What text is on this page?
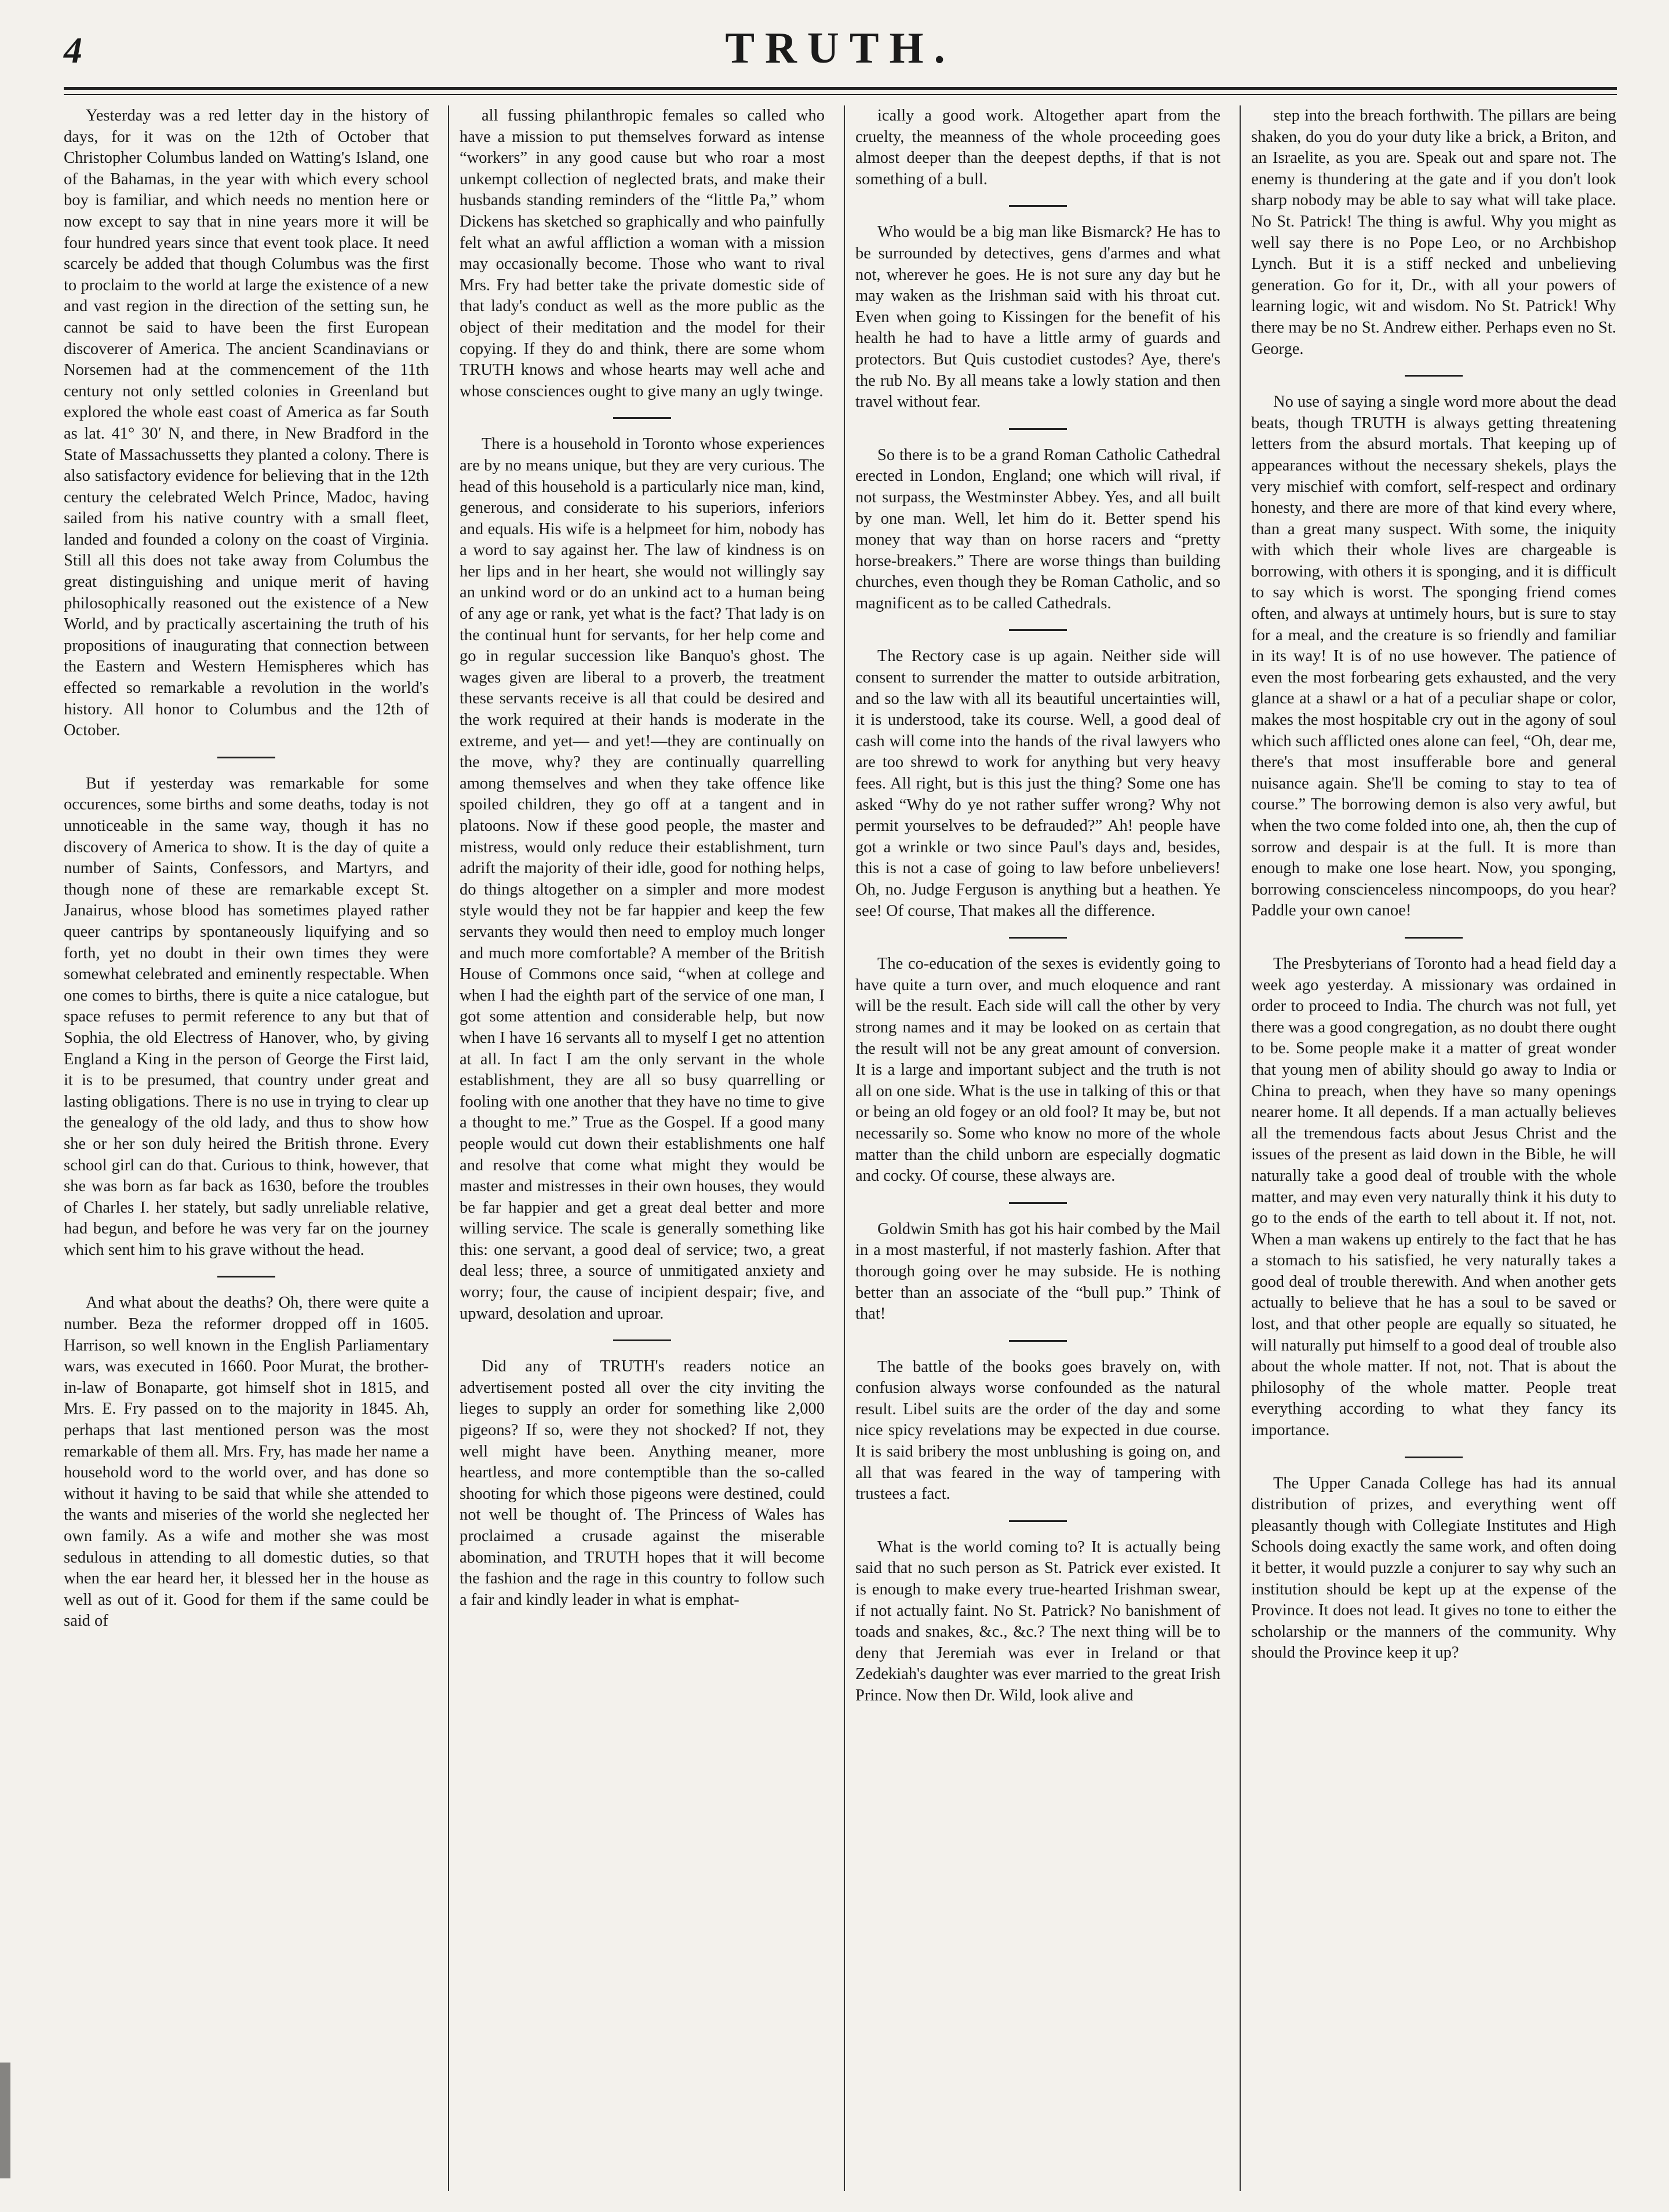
4	TRUTH.

Yesterday was a red letter day in the history of days, for it was on the 12th of October that Christopher Columbus landed on Watting's Island, one of the Bahamas, in the year with which every school boy is familiar, and which needs no mention here or now except to say that in nine years more it will be four hundred years since that event took place. It need scarcely be added that though Columbus was the first to proclaim to the world at large the existence of a new and vast region in the direction of the setting sun, he cannot be said to have been the first European discoverer of America. The ancient Scandinavians or Norsemen had at the commencement of the 11th century not only settled colonies in Greenland but explored the whole east coast of America as far South as lat. 41° 30′ N, and there, in New Bradford in the State of Massachussetts they planted a colony. There is also satisfactory evidence for believing that in the 12th century the celebrated Welch Prince, Madoc, having sailed from his native country with a small fleet, landed and founded a colony on the coast of Virginia. Still all this does not take away from Columbus the great distinguishing and unique merit of having philosophically reasoned out the existence of a New World, and by practically ascertaining the truth of his propositions of inaugurating that connection between the Eastern and Western Hemispheres which has effected so remarkable a revolution in the world's history. All honor to Columbus and the 12th of October.

But if yesterday was remarkable for some occurences, some births and some deaths, today is not unnoticeable in the same way, though it has no discovery of America to show. It is the day of quite a number of Saints, Confessors, and Martyrs, and though none of these are remarkable except St. Janairus, whose blood has sometimes played rather queer cantrips by spontaneously liquifying and so forth, yet no doubt in their own times they were somewhat celebrated and eminently respectable. When one comes to births, there is quite a nice catalogue, but space refuses to permit reference to any but that of Sophia, the old Electress of Hanover, who, by giving England a King in the person of George the First laid, it is to be presumed, that country under great and lasting obligations. There is no use in trying to clear up the genealogy of the old lady, and thus to show how she or her son duly heired the British throne. Every school girl can do that. Curious to think, however, that she was born as far back as 1630, before the troubles of Charles I. her stately, but sadly unreliable relative, had begun, and before he was very far on the journey which sent him to his grave without the head.

And what about the deaths? Oh, there were quite a number. Beza the reformer dropped off in 1605. Harrison, so well known in the English Parliamentary wars, was executed in 1660. Poor Murat, the brother-in-law of Bonaparte, got himself shot in 1815, and Mrs. E. Fry passed on to the majority in 1845. Ah, perhaps that last mentioned person was the most remarkable of them all. Mrs. Fry, has made her name a household word to the world over, and has done so without it having to be said that while she attended to the wants and miseries of the world she neglected her own family. As a wife and mother she was most sedulous in attending to all domestic duties, so that when the ear heard her, it blessed her in the house as well as out of it. Good for them if the same could be said of

all fussing philanthropic females so called who have a mission to put themselves forward as intense “workers” in any good cause but who roar a most unkempt collection of neglected brats, and make their husbands standing reminders of the “little Pa,” whom Dickens has sketched so graphically and who painfully felt what an awful affliction a woman with a mission may occasionally become. Those who want to rival Mrs. Fry had better take the private domestic side of that lady's conduct as well as the more public as the object of their meditation and the model for their copying. If they do and think, there are some whom TRUTH knows and whose hearts may well ache and whose consciences ought to give many an ugly twinge.

There is a household in Toronto whose experiences are by no means unique, but they are very curious. The head of this household is a particularly nice man, kind, generous, and considerate to his superiors, inferiors and equals. His wife is a helpmeet for him, nobody has a word to say against her. The law of kindness is on her lips and in her heart, she would not willingly say an unkind word or do an unkind act to a human being of any age or rank, yet what is the fact? That lady is on the continual hunt for servants, for her help come and go in regular succession like Banquo's ghost. The wages given are liberal to a proverb, the treatment these servants receive is all that could be desired and the work required at their hands is moderate in the extreme, and yet— and yet!—they are continually on the move, why? they are continually quarrelling among themselves and when they take offence like spoiled children, they go off at a tangent and in platoons. Now if these good people, the master and mistress, would only reduce their establishment, turn adrift the majority of their idle, good for nothing helps, do things altogether on a simpler and more modest style would they not be far happier and keep the few servants they would then need to employ much longer and much more comfortable? A member of the British House of Commons once said, “when at college and when I had the eighth part of the service of one man, I got some attention and considerable help, but now when I have 16 servants all to myself I get no attention at all. In fact I am the only servant in the whole establishment, they are all so busy quarrelling or fooling with one another that they have no time to give a thought to me.” True as the Gospel. If a good many people would cut down their establishments one half and resolve that come what might they would be master and mistresses in their own houses, they would be far happier and get a great deal better and more willing service. The scale is generally something like this: one servant, a good deal of service; two, a great deal less; three, a source of unmitigated anxiety and worry; four, the cause of incipient despair; five, and upward, desolation and uproar.

Did any of TRUTH's readers notice an advertisement posted all over the city inviting the lieges to supply an order for something like 2,000 pigeons? If so, were they not shocked? If not, they well might have been. Anything meaner, more heartless, and more contemptible than the so-called shooting for which those pigeons were destined, could not well be thought of. The Princess of Wales has proclaimed a crusade against the miserable abomination, and TRUTH hopes that it will become the fashion and the rage in this country to follow such a fair and kindly leader in what is emphat-

ically a good work. Altogether apart from the cruelty, the meanness of the whole proceeding goes almost deeper than the deepest depths, if that is not something of a bull.

Who would be a big man like Bismarck? He has to be surrounded by detectives, gens d'armes and what not, wherever he goes. He is not sure any day but he may waken as the Irishman said with his throat cut. Even when going to Kissingen for the benefit of his health he had to have a little army of guards and protectors. But Quis custodiet custodes? Aye, there's the rub No. By all means take a lowly station and then travel without fear.

So there is to be a grand Roman Catholic Cathedral erected in London, England; one which will rival, if not surpass, the Westminster Abbey. Yes, and all built by one man. Well, let him do it. Better spend his money that way than on horse racers and “pretty horse-breakers.” There are worse things than building churches, even though they be Roman Catholic, and so magnificent as to be called Cathedrals.

The Rectory case is up again. Neither side will consent to surrender the matter to outside arbitration, and so the law with all its beautiful uncertainties will, it is understood, take its course. Well, a good deal of cash will come into the hands of the rival lawyers who are too shrewd to work for anything but very heavy fees. All right, but is this just the thing? Some one has asked “Why do ye not rather suffer wrong? Why not permit yourselves to be defrauded?” Ah! people have got a wrinkle or two since Paul's days and, besides, this is not a case of going to law before unbelievers! Oh, no. Judge Ferguson is anything but a heathen. Ye see! Of course, That makes all the difference.

The co-education of the sexes is evidently going to have quite a turn over, and much eloquence and rant will be the result. Each side will call the other by very strong names and it may be looked on as certain that the result will not be any great amount of conversion. It is a large and important subject and the truth is not all on one side. What is the use in talking of this or that or being an old fogey or an old fool? It may be, but not necessarily so. Some who know no more of the whole matter than the child unborn are especially dogmatic and cocky. Of course, these always are.

Goldwin Smith has got his hair combed by the Mail in a most masterful, if not masterly fashion. After that thorough going over he may subside. He is nothing better than an associate of the “bull pup.” Think of that!

The battle of the books goes bravely on, with confusion always worse confounded as the natural result. Libel suits are the order of the day and some nice spicy revelations may be expected in due course. It is said bribery the most unblushing is going on, and all that was feared in the way of tampering with trustees a fact.

What is the world coming to? It is actually being said that no such person as St. Patrick ever existed. It is enough to make every true-hearted Irishman swear, if not actually faint. No St. Patrick? No banishment of toads and snakes, &c., &c.? The next thing will be to deny that Jeremiah was ever in Ireland or that Zedekiah's daughter was ever married to the great Irish Prince. Now then Dr. Wild, look alive and

step into the breach forthwith. The pillars are being shaken, do you do your duty like a brick, a Briton, and an Israelite, as you are. Speak out and spare not. The enemy is thundering at the gate and if you don't look sharp nobody may be able to say what will take place. No St. Patrick! The thing is awful. Why you might as well say there is no Pope Leo, or no Archbishop Lynch. But it is a stiff necked and unbelieving generation. Go for it, Dr., with all your powers of learning logic, wit and wisdom. No St. Patrick! Why there may be no St. Andrew either. Perhaps even no St. George.

No use of saying a single word more about the dead beats, though TRUTH is always getting threatening letters from the absurd mortals. That keeping up of appearances without the necessary shekels, plays the very mischief with comfort, self-respect and ordinary honesty, and there are more of that kind every where, than a great many suspect. With some, the iniquity with which their whole lives are chargeable is borrowing, with others it is sponging, and it is difficult to say which is worst. The sponging friend comes often, and always at untimely hours, but is sure to stay for a meal, and the creature is so friendly and familiar in its way! It is of no use however. The patience of even the most forbearing gets exhausted, and the very glance at a shawl or a hat of a peculiar shape or color, makes the most hospitable cry out in the agony of soul which such afflicted ones alone can feel, “Oh, dear me, there's that most insufferable bore and general nuisance again. She'll be coming to stay to tea of course.” The borrowing demon is also very awful, but when the two come folded into one, ah, then the cup of sorrow and despair is at the full. It is more than enough to make one lose heart. Now, you sponging, borrowing conscienceless nincompoops, do you hear? Paddle your own canoe!

The Presbyterians of Toronto had a head field day a week ago yesterday. A missionary was ordained in order to proceed to India. The church was not full, yet there was a good congregation, as no doubt there ought to be. Some people make it a matter of great wonder that young men of ability should go away to India or China to preach, when they have so many openings nearer home. It all depends. If a man actually believes all the tremendous facts about Jesus Christ and the issues of the present as laid down in the Bible, he will naturally take a good deal of trouble with the whole matter, and may even very naturally think it his duty to go to the ends of the earth to tell about it. If not, not. When a man wakens up entirely to the fact that he has a stomach to his satisfied, he very naturally takes a good deal of trouble therewith. And when another gets actually to believe that he has a soul to be saved or lost, and that other people are equally so situated, he will naturally put himself to a good deal of trouble also about the whole matter. If not, not. That is about the philosophy of the whole matter. People treat everything according to what they fancy its importance.

The Upper Canada College has had its annual distribution of prizes, and everything went off pleasantly though with Collegiate Institutes and High Schools doing exactly the same work, and often doing it better, it would puzzle a conjurer to say why such an institution should be kept up at the expense of the Province. It does not lead. It gives no tone to either the scholarship or the manners of the community. Why should the Province keep it up?
